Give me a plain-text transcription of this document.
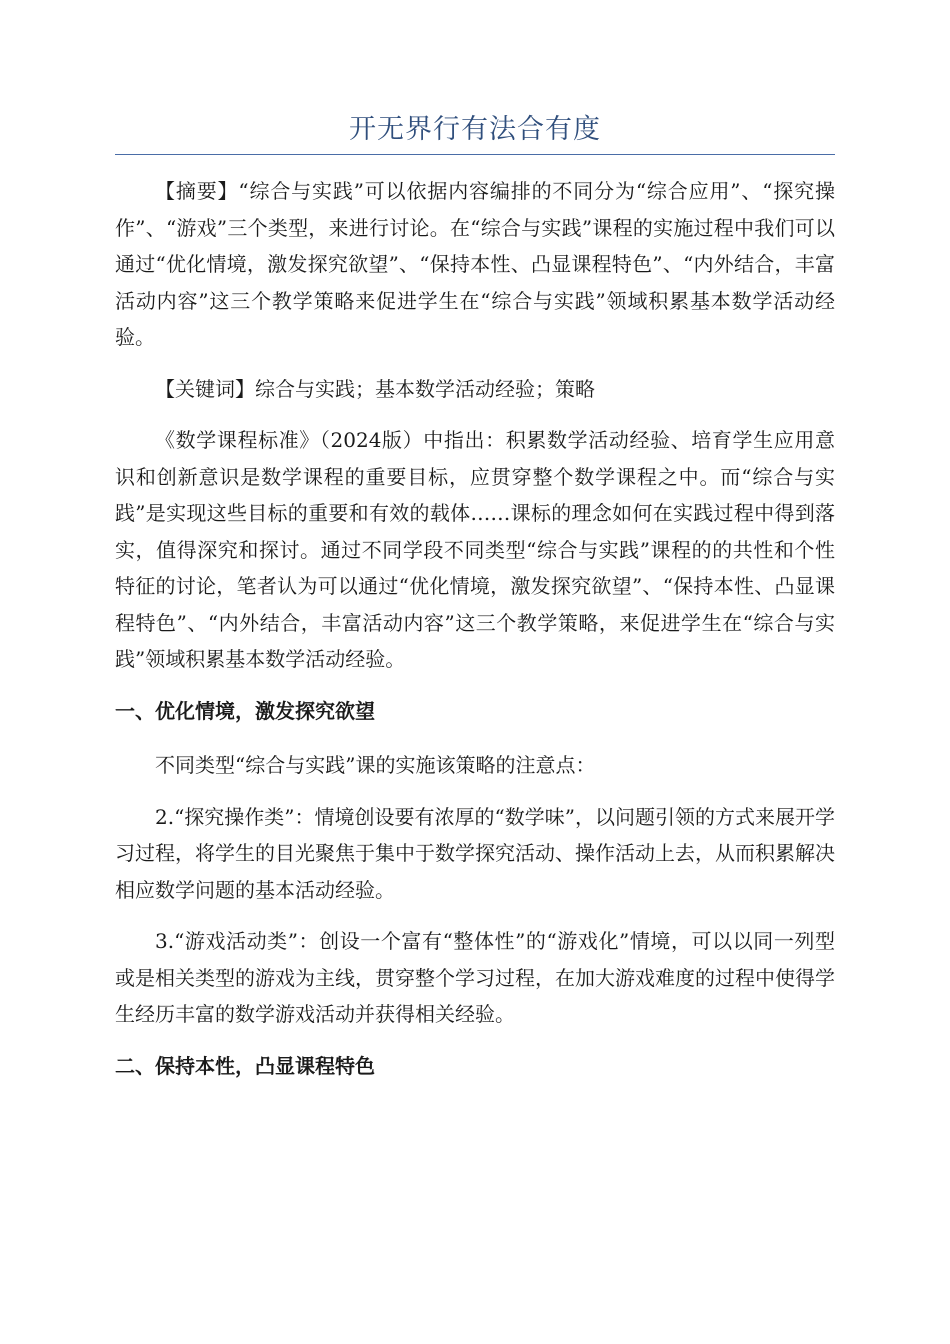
开无界行有法合有度

【摘要】“综合与实践”可以依据内容编排的不同分为“综合应用”、“探究操作”、“游戏”三个类型，来进行讨论。在“综合与实践”课程的实施过程中我们可以通过“优化情境，激发探究欲望”、“保持本性、凸显课程特色”、“内外结合，丰富活动内容”这三个教学策略来促进学生在“综合与实践”领域积累基本数学活动经验。

【关键词】综合与实践；基本数学活动经验；策略

《数学课程标准》（2024版）中指出：积累数学活动经验、培育学生应用意识和创新意识是数学课程的重要目标，应贯穿整个数学课程之中。而“综合与实践”是实现这些目标的重要和有效的载体……课标的理念如何在实践过程中得到落实，值得深究和探讨。通过不同学段不同类型“综合与实践”课程的的共性和个性特征的讨论，笔者认为可以通过“优化情境，激发探究欲望”、“保持本性、凸显课程特色”、“内外结合，丰富活动内容”这三个教学策略，来促进学生在“综合与实践”领域积累基本数学活动经验。

一、优化情境，激发探究欲望

不同类型“综合与实践”课的实施该策略的注意点：

2.“探究操作类”：情境创设要有浓厚的“数学味”，以问题引领的方式来展开学习过程，将学生的目光聚焦于集中于数学探究活动、操作活动上去，从而积累解决相应数学问题的基本活动经验。

3.“游戏活动类”：创设一个富有“整体性”的“游戏化”情境，可以以同一列型或是相关类型的游戏为主线，贯穿整个学习过程，在加大游戏难度的过程中使得学生经历丰富的数学游戏活动并获得相关经验。

二、保持本性，凸显课程特色
